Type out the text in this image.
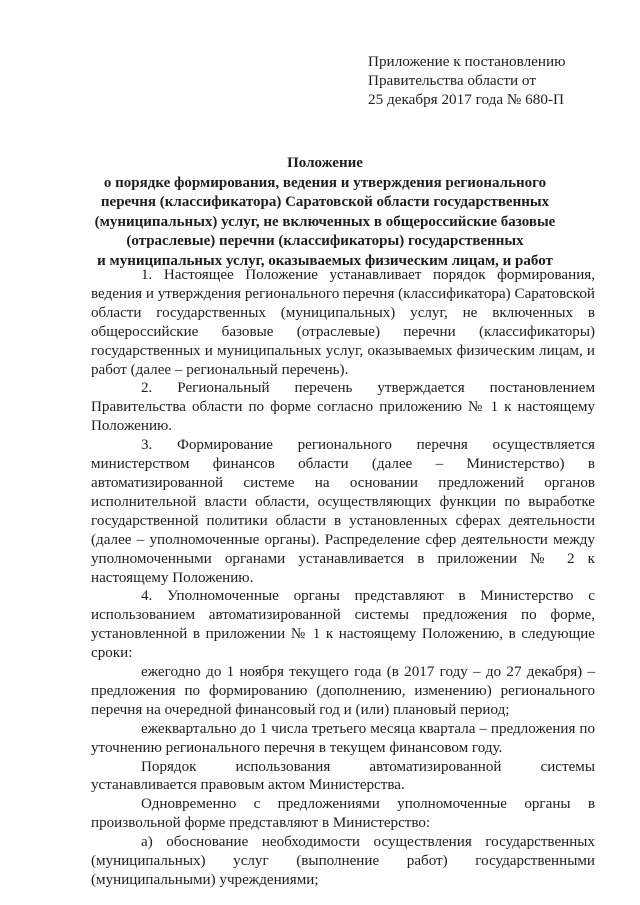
Приложение к постановлению
Правительства области от
25 декабря 2017 года № 680-П
Положение
о порядке формирования, ведения и утверждения регионального
перечня (классификатора) Саратовской области государственных
(муниципальных) услуг, не включенных в общероссийские базовые
(отраслевые) перечни (классификаторы) государственных
и муниципальных услуг, оказываемых физическим лицам, и работ

1. Настоящее Положение устанавливает порядок формирования, ведения и утверждения регионального перечня (классификатора) Саратовской области государственных (муниципальных) услуг, не включенных в общероссийские базовые (отраслевые) перечни (классификаторы) государственных и муниципальных услуг, оказываемых физическим лицам, и работ (далее – региональный перечень).

2. Региональный перечень утверждается постановлением Правительства области по форме согласно приложению № 1 к настоящему Положению.

3. Формирование регионального перечня осуществляется министерством финансов области (далее – Министерство) в автоматизированной системе на основании предложений органов исполнительной власти области, осуществляющих функции по выработке государственной политики области в установленных сферах деятельности (далее – уполномоченные органы). Распределение сфер деятельности между уполномоченными органами устанавливается в приложении № 2 к настоящему Положению.

4. Уполномоченные органы представляют в Министерство с использованием автоматизированной системы предложения по форме, установленной в приложении № 1 к настоящему Положению, в следующие сроки:

ежегодно до 1 ноября текущего года (в 2017 году – до 27 декабря) – предложения по формированию (дополнению, изменению) регионального перечня на очередной финансовый год и (или) плановый период;

ежеквартально до 1 числа третьего месяца квартала – предложения по уточнению регионального перечня в текущем финансовом году.

Порядок использования автоматизированной системы устанавливается правовым актом Министерства.

Одновременно с предложениями уполномоченные органы в произвольной форме представляют в Министерство:

а) обоснование необходимости осуществления государственных (муниципальных) услуг (выполнение работ) государственными (муниципальными) учреждениями;
